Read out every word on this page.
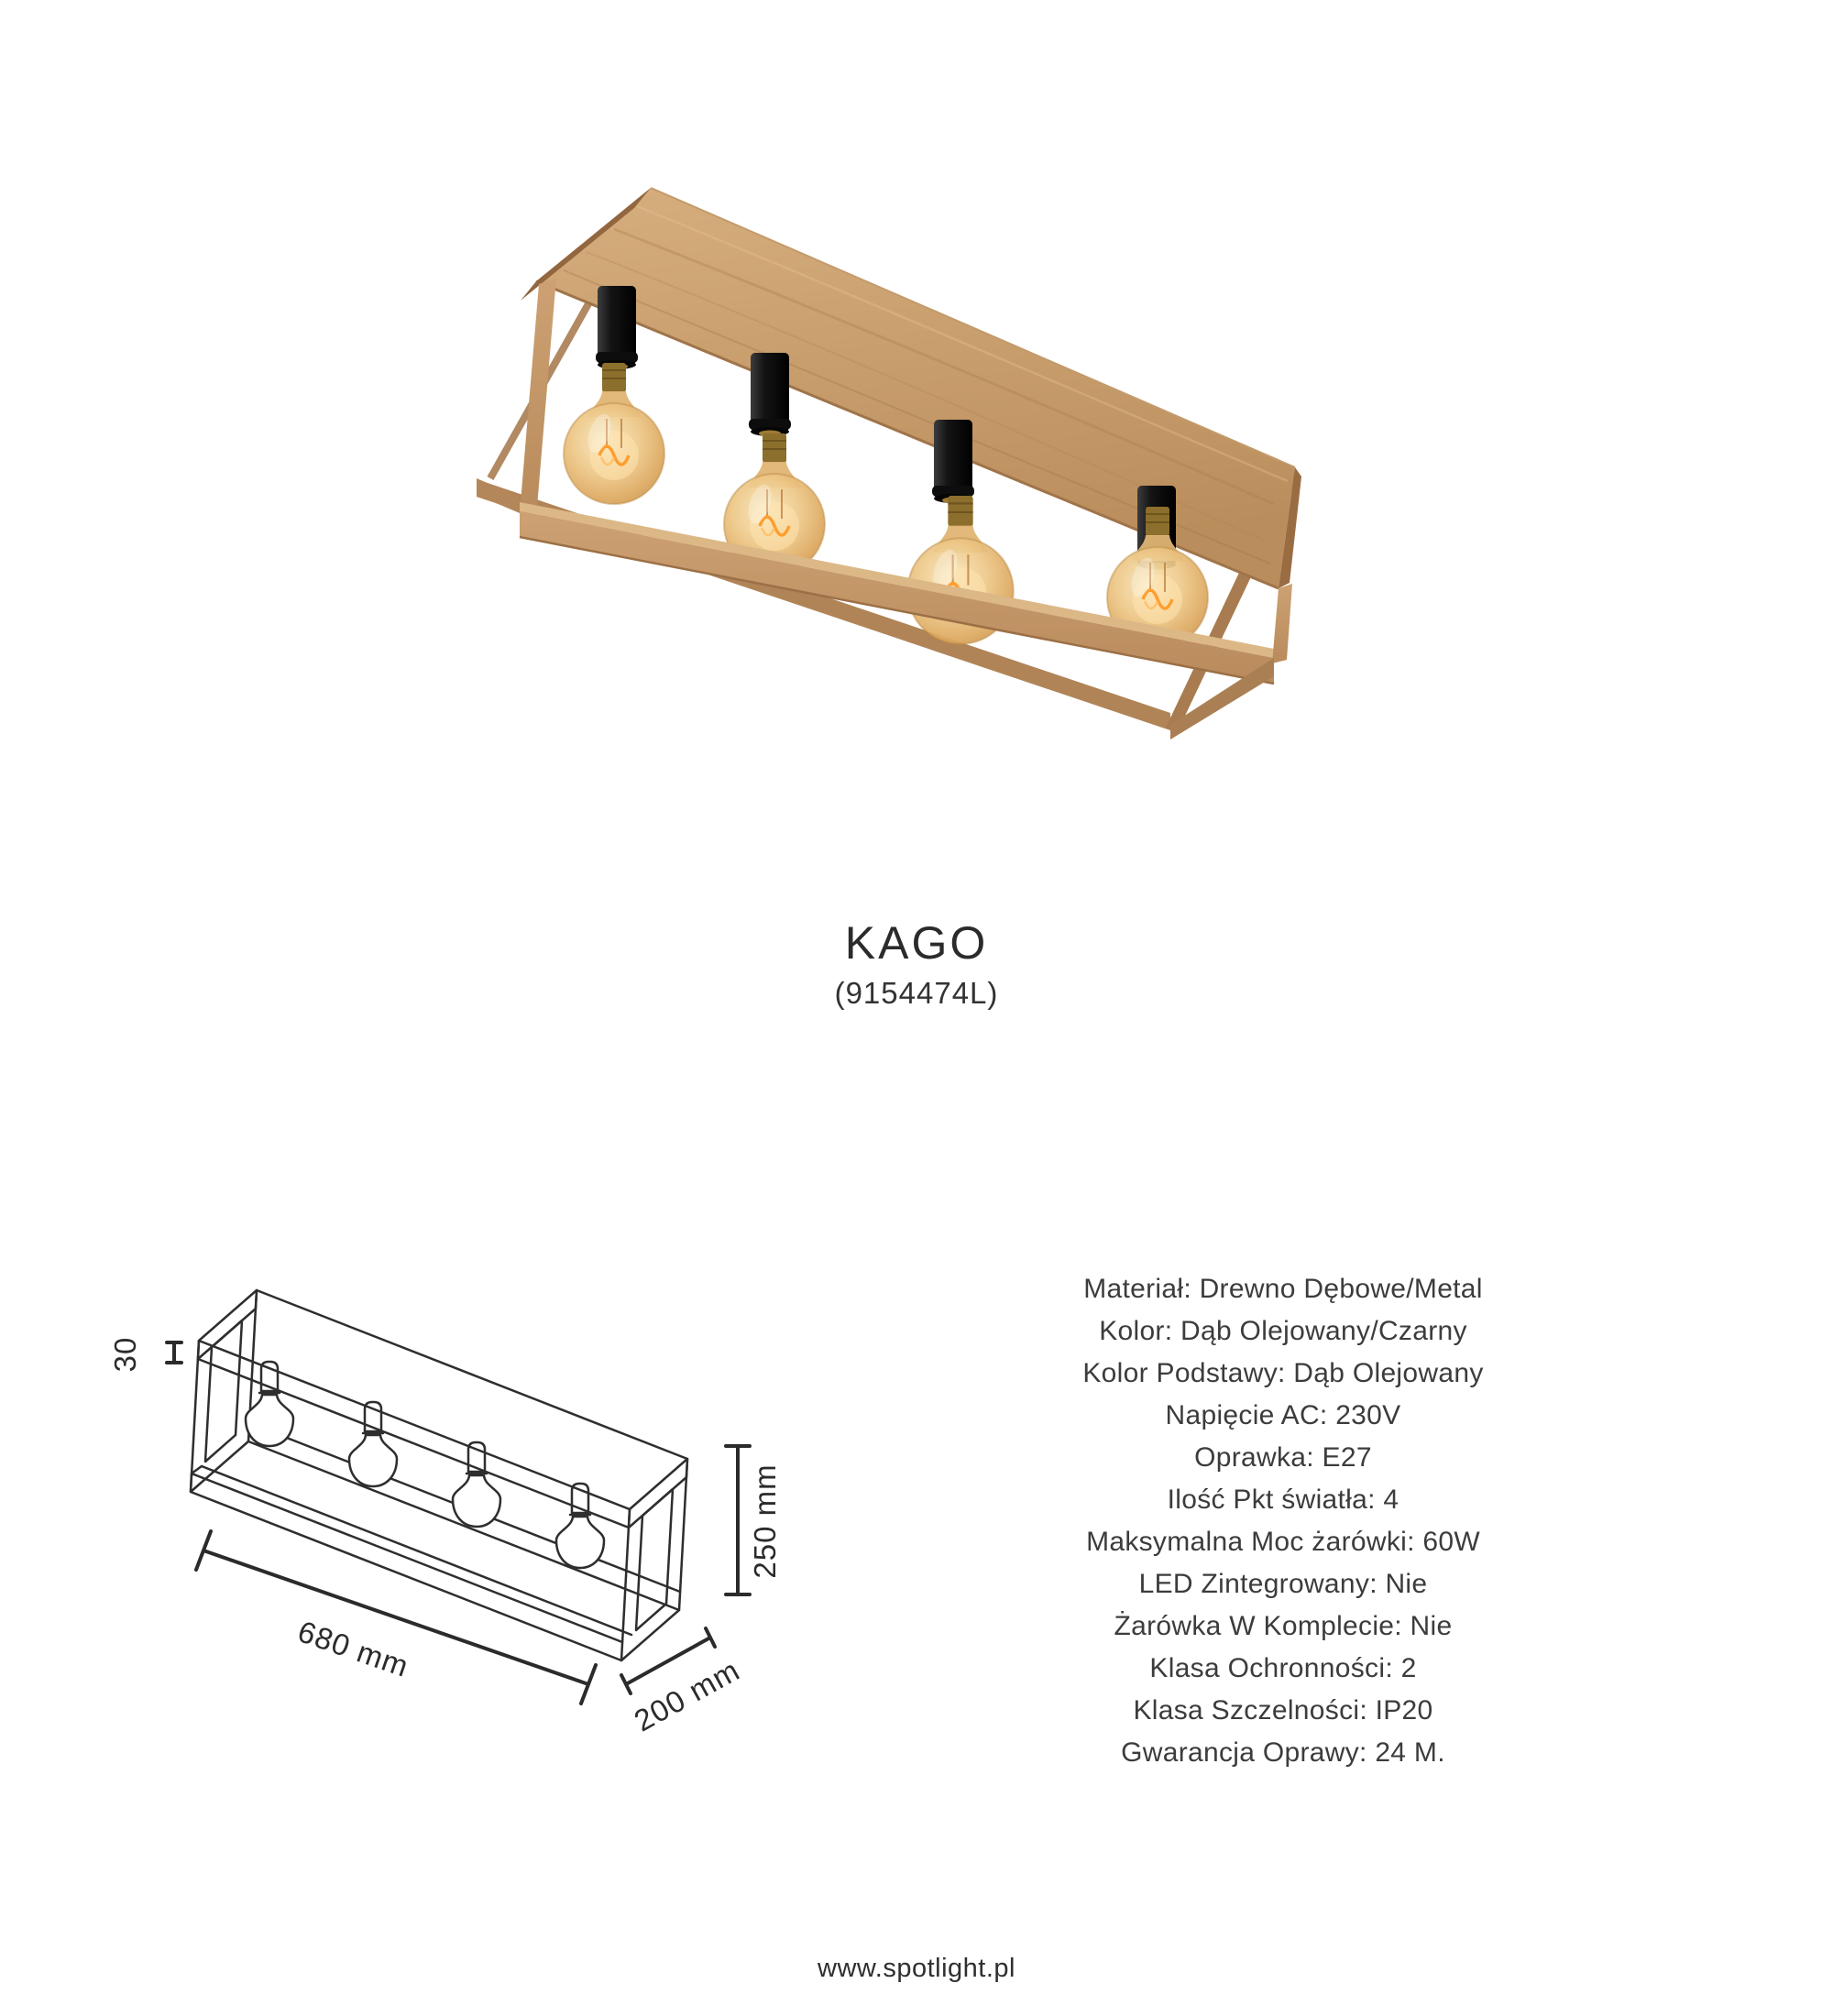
KAGO
(9154474L)
30
250 mm
680 mm
200 mm
Materiał: Drewno Dębowe/Metal
Kolor: Dąb Olejowany/Czarny
Kolor Podstawy: Dąb Olejowany
Napięcie AC: 230V
Oprawka: E27
Ilość Pkt światła: 4
Maksymalna Moc żarówki: 60W
LED Zintegrowany: Nie
Żarówka W Komplecie: Nie
Klasa Ochronności: 2
Klasa Szczelności: IP20
Gwarancja Oprawy: 24 M.
www.spotlight.pl
